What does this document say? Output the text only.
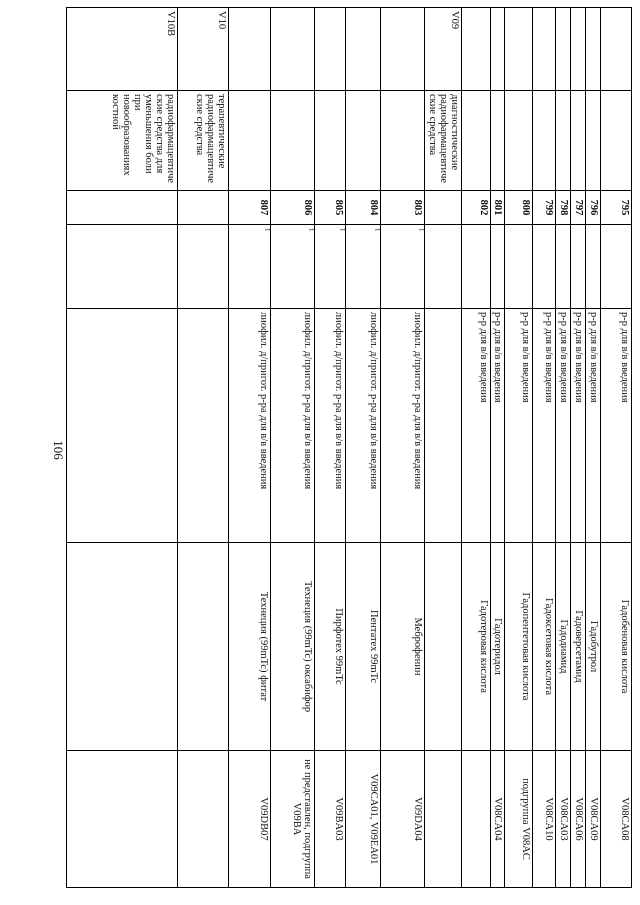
106
		795		р-р для в/в введения	Гадобеновая кислота	V08CA08
		796		р-р для в/в введения	Гадобутрол	V08CA09
		797		р-р для в/в введения	Гадоверсетамид	V08CA06
		798		р-р для в/в введения	Гадодиамид	V08CA03
		799		р-р для в/в введения	Гадоксетовая кислота	V08CA10
		800		р-р для в/в введения	Гадопентетовая кислота	подгруппа V08AC
		801		р-р для в/в введения	Гадотеридол	V08CA04
		802		р-р для в/в введения	Гадотеровая кислота	
V09	диагностические радиофармацевтические средства					
		803	$^1$	лиофил. д/пригот. р-ра для в/в введения	Меброфенин	V09DA04
		804	$^1$	лиофил. д/пригот. р-ра для в/в введения	Пентатех 99mTc	V09CA01, V09EA01
		805	$^1$	лиофил. д/пригот. р-ра для в/в введения	Пирфотех 99mTc	V09BA03
		806	$^1$	лиофил. д/пригот. р-ра для в/в введения	Технеция (99mTc) оксабифор	не представлен, подгруппа V09BA
		807	$^1$	лиофил. д/пригот. р-ра для в/в введения	Технеция (99mTc) фитат	V09DB07
V10	терапевтические радиофармацевтические средства					
V10B	радиофармацевтические средства для уменьшения боли при новообразованиях костной					
